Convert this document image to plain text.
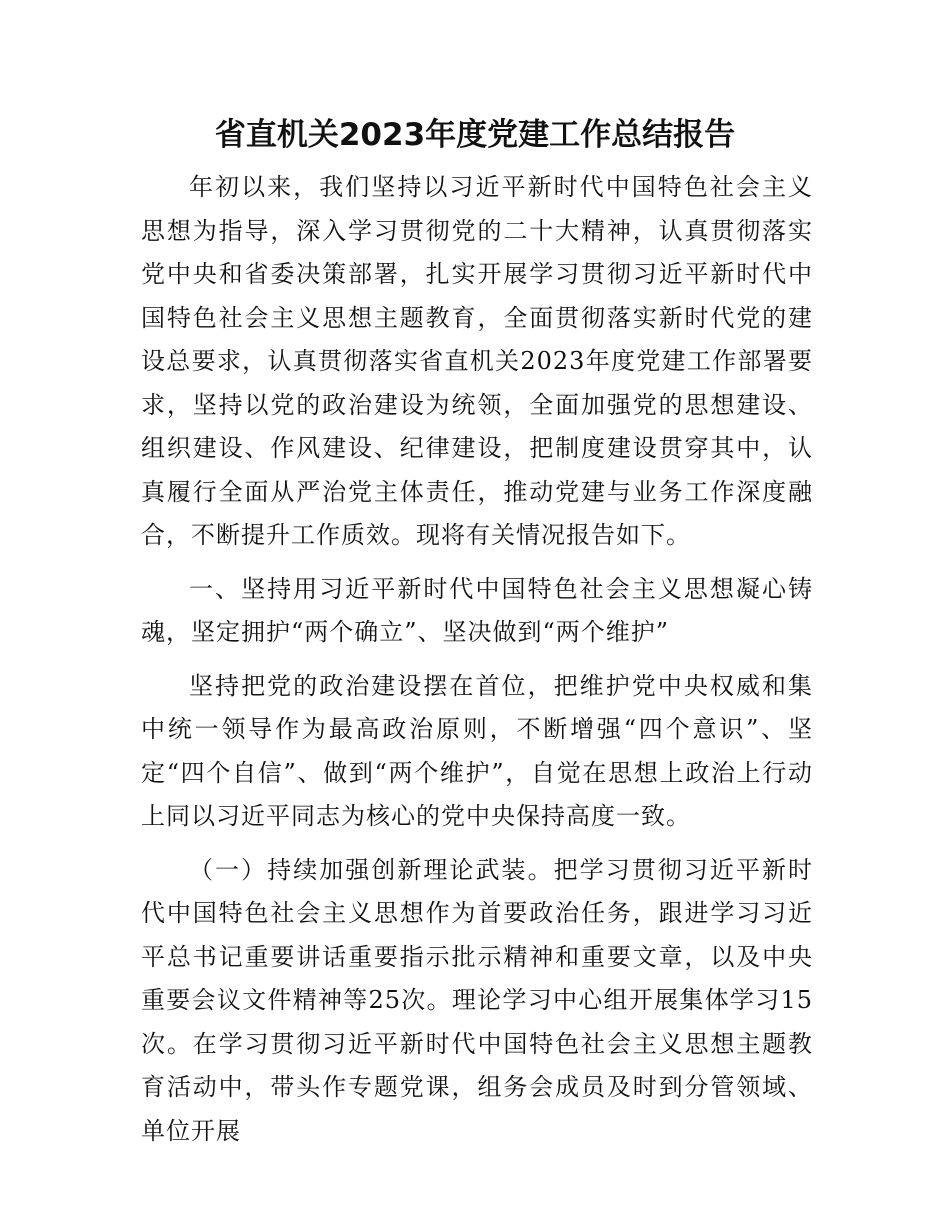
省直机关2023年度党建工作总结报告

年初以来，我们坚持以习近平新时代中国特色社会主义思想为指导，深入学习贯彻党的二十大精神，认真贯彻落实党中央和省委决策部署，扎实开展学习贯彻习近平新时代中国特色社会主义思想主题教育，全面贯彻落实新时代党的建设总要求，认真贯彻落实省直机关2023年度党建工作部署要求，坚持以党的政治建设为统领，全面加强党的思想建设、组织建设、作风建设、纪律建设，把制度建设贯穿其中，认真履行全面从严治党主体责任，推动党建与业务工作深度融合，不断提升工作质效。现将有关情况报告如下。

一、坚持用习近平新时代中国特色社会主义思想凝心铸魂，坚定拥护“两个确立”、坚决做到“两个维护”

坚持把党的政治建设摆在首位，把维护党中央权威和集中统一领导作为最高政治原则，不断增强“四个意识”、坚定“四个自信”、做到“两个维护”，自觉在思想上政治上行动上同以习近平同志为核心的党中央保持高度一致。

（一）持续加强创新理论武装。把学习贯彻习近平新时代中国特色社会主义思想作为首要政治任务，跟进学习习近平总书记重要讲话重要指示批示精神和重要文章，以及中央重要会议文件精神等25次。理论学习中心组开展集体学习15次。在学习贯彻习近平新时代中国特色社会主义思想主题教育活动中，带头作专题党课，组务会成员及时到分管领域、单位开展
